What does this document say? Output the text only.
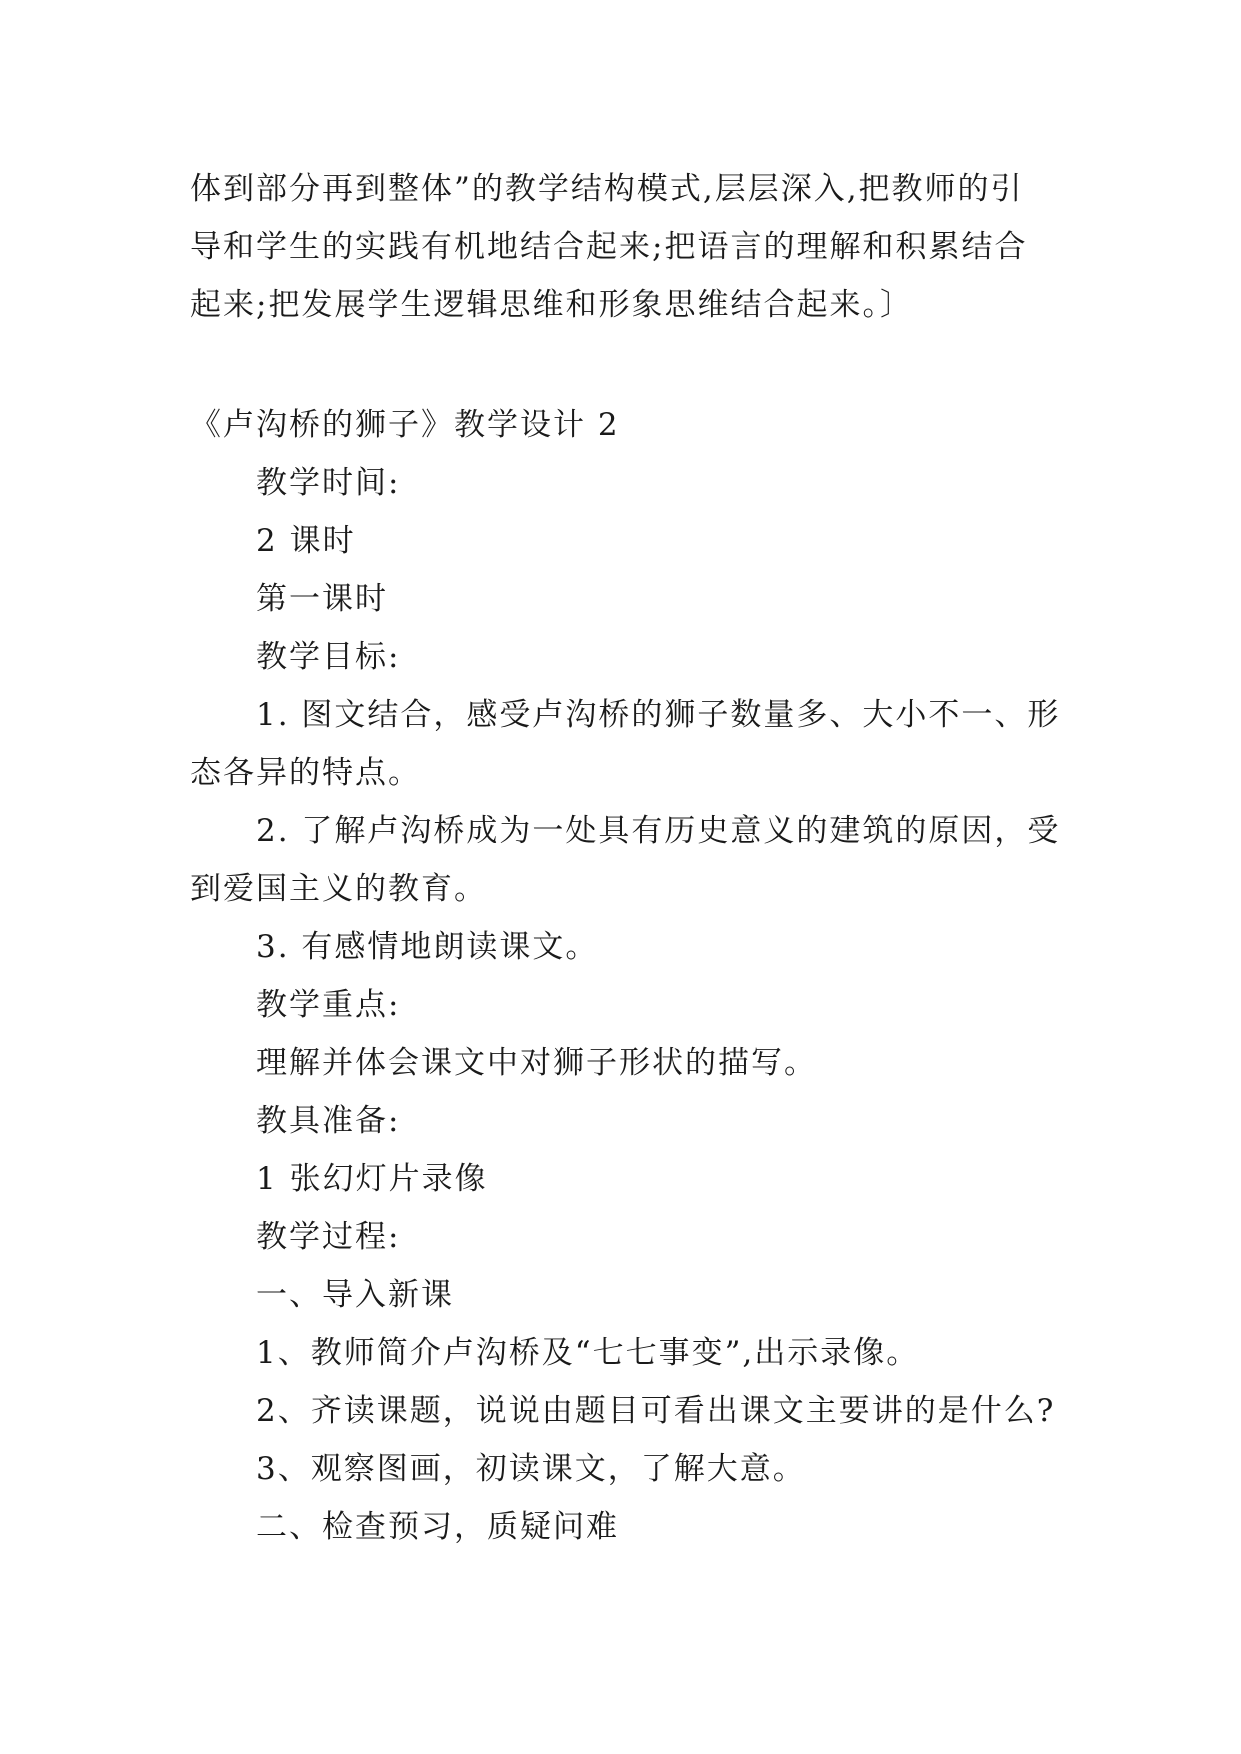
体到部分再到整体”的教学结构模式,层层深入,把教师的引

导和学生的实践有机地结合起来;把语言的理解和积累结合

起来;把发展学生逻辑思维和形象思维结合起来。〕

《卢沟桥的狮子》教学设计 2

教学时间:

2 课时

第一课时

教学目标:

1. 图文结合，感受卢沟桥的狮子数量多、大小不一、形

态各异的特点。

2. 了解卢沟桥成为一处具有历史意义的建筑的原因，受

到爱国主义的教育。

3. 有感情地朗读课文。

教学重点:

理解并体会课文中对狮子形状的描写。

教具准备:

1 张幻灯片录像

教学过程:

一、导入新课

1、教师简介卢沟桥及“七七事变”,出示录像。

2、齐读课题，说说由题目可看出课文主要讲的是什么?

3、观察图画，初读课文，了解大意。

二、检查预习，质疑问难
